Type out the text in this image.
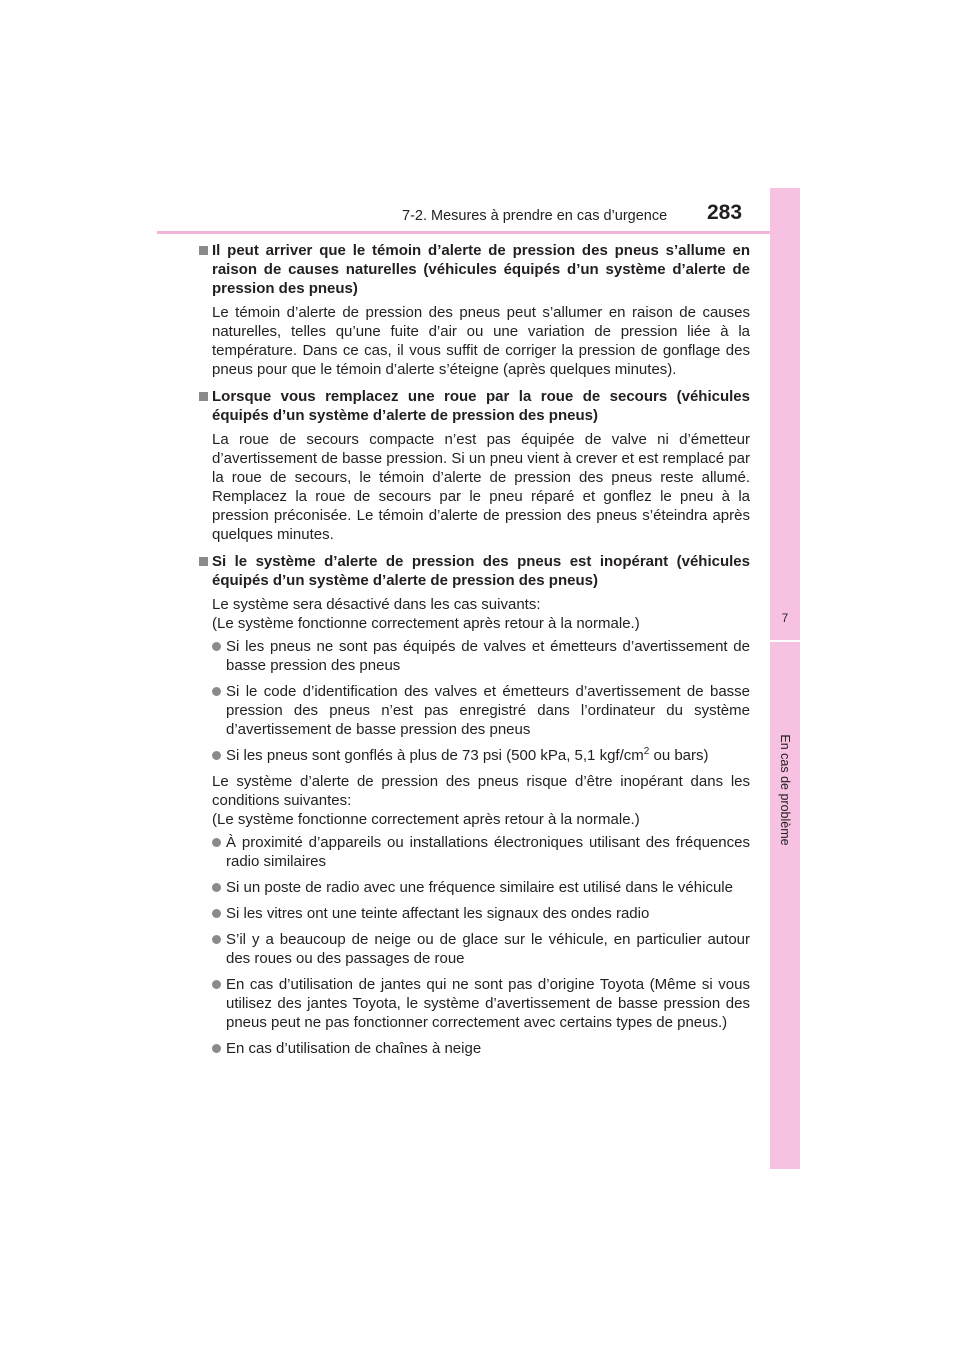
7-2. Mesures à prendre en cas d’urgence 283
7
En cas de problème
Il peut arriver que le témoin d’alerte de pression des pneus s’allume en raison de causes naturelles (véhicules équipés d’un système d’alerte de pression des pneus)

Le témoin d’alerte de pression des pneus peut s’allumer en raison de causes naturelles, telles qu’une fuite d’air ou une variation de pression liée à la température. Dans ce cas, il vous suffit de corriger la pression de gonflage des pneus pour que le témoin d’alerte s’éteigne (après quelques minutes).

Lorsque vous remplacez une roue par la roue de secours (véhicules équipés d’un système d’alerte de pression des pneus)

La roue de secours compacte n’est pas équipée de valve ni d’émetteur d’avertissement de basse pression. Si un pneu vient à crever et est remplacé par la roue de secours, le témoin d’alerte de pression des pneus reste allumé. Remplacez la roue de secours par le pneu réparé et gonflez le pneu à la pression préconisée. Le témoin d’alerte de pression des pneus s’éteindra après quelques minutes.

Si le système d’alerte de pression des pneus est inopérant (véhicules équipés d’un système d’alerte de pression des pneus)

Le système sera désactivé dans les cas suivants:
(Le système fonctionne correctement après retour à la normale.)

Si les pneus ne sont pas équipés de valves et émetteurs d’avertissement de basse pression des pneus
Si le code d’identification des valves et émetteurs d’avertissement de basse pression des pneus n’est pas enregistré dans l’ordinateur du système d’avertissement de basse pression des pneus
Si les pneus sont gonflés à plus de 73 psi (500 kPa, 5,1 kgf/$cm^2$ ou bars)

Le système d’alerte de pression des pneus risque d’être inopérant dans les conditions suivantes:
(Le système fonctionne correctement après retour à la normale.)

À proximité d’appareils ou installations électroniques utilisant des fréquences radio similaires
Si un poste de radio avec une fréquence similaire est utilisé dans le véhicule
Si les vitres ont une teinte affectant les signaux des ondes radio
S’il y a beaucoup de neige ou de glace sur le véhicule, en particulier autour des roues ou des passages de roue
En cas d’utilisation de jantes qui ne sont pas d’origine Toyota (Même si vous utilisez des jantes Toyota, le système d’avertissement de basse pression des pneus peut ne pas fonctionner correctement avec certains types de pneus.)
En cas d’utilisation de chaînes à neige
